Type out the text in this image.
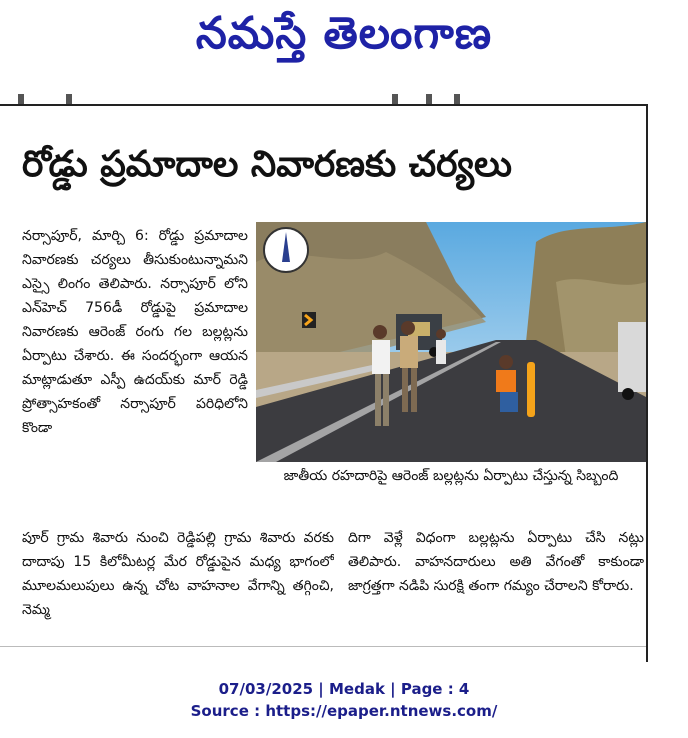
నమస్తే తెలంగాణ
రోడ్డు ప్రమాదాల నివారణకు చర్యలు
నర్సాపూర్, మార్చి 6: రోడ్డు ప్రమాదాల నివారణకు చర్యలు తీసుకుంటున్నామని ఎస్సై లింగం తెలిపారు. నర్సాపూర్ లోని ఎన్‌హెచ్ 756డీ రోడ్డుపై ప్రమాదాల నివారణకు ఆరెంజ్ రంగు గల బల్లట్లను ఏర్పాటు చేశారు. ఈ సందర్భంగా ఆయన మాట్లాడుతూ ఎస్పీ ఉదయ్‌కు మార్ రెడ్డి ప్రోత్సాహకంతో నర్సాపూర్ పరిధిలోని కొండా
జాతీయ రహదారిపై ఆరెంజ్ బల్లట్లను ఏర్పాటు చేస్తున్న సిబ్బంది
పూర్ గ్రామ శివారు నుంచి రెడ్డిపల్లి గ్రామ శివారు వరకు దాదాపు 15 కిలోమీటర్ల మేర రోడ్డుపైన మధ్య భాగంలో మూలమలుపులు ఉన్న చోట వాహనాల వేగాన్ని తగ్గించి, నెమ్మ
దిగా వెళ్లే విధంగా బల్లట్లను ఏర్పాటు చేసి నట్లు తెలిపారు. వాహనదారులు అతి వేగంతో కాకుండా జాగ్రత్తగా నడిపి సురక్షి తంగా గమ్యం చేరాలని కోరారు.
07/03/2025 | Medak | Page : 4
Source : https://epaper.ntnews.com/
